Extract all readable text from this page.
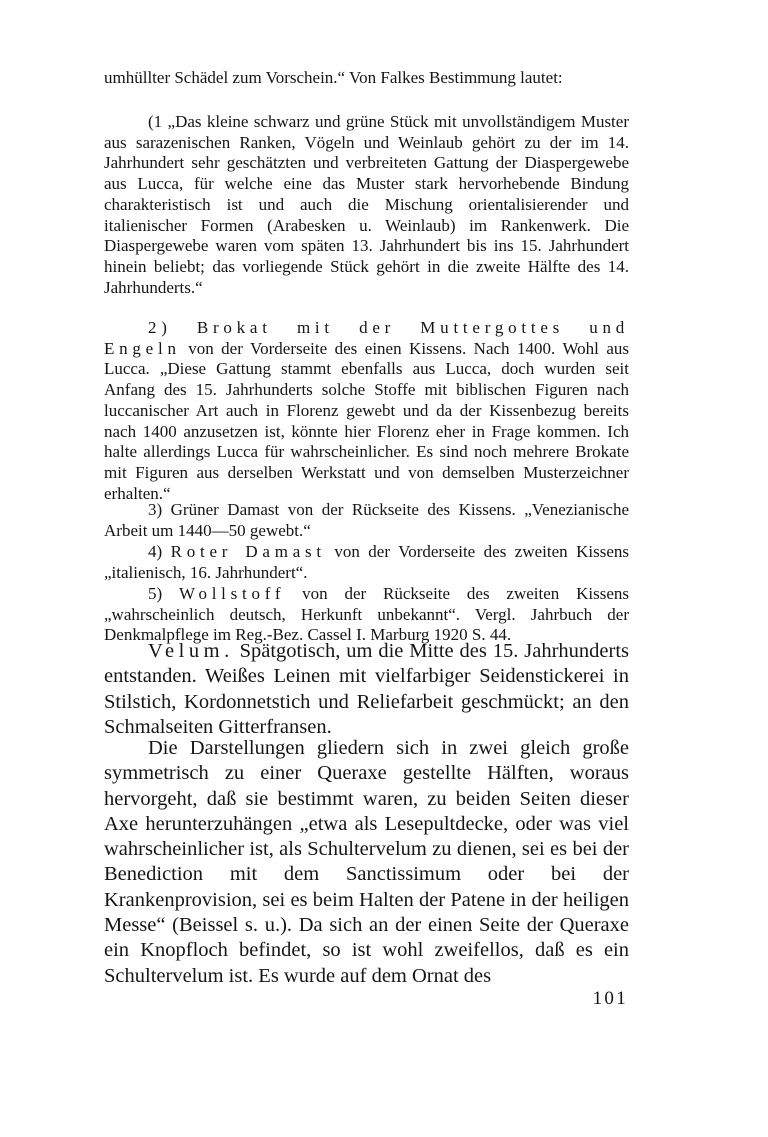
umhüllter Schädel zum Vorschein.“ Von Falkes Bestimmung lautet:

(1 „Das kleine schwarz und grüne Stück mit unvollständigem Muster aus sarazenischen Ranken, Vögeln und Weinlaub gehört zu der im 14. Jahrhundert sehr geschätzten und verbreiteten Gattung der Diaspergewebe aus Lucca, für welche eine das Muster stark hervorhebende Bindung charakteristisch ist und auch die Mischung orientalisierender und italienischer Formen (Arabesken u. Weinlaub) im Rankenwerk. Die Diaspergewebe waren vom späten 13. Jahrhundert bis ins 15. Jahrhundert hinein beliebt; das vorliegende Stück gehört in die zweite Hälfte des 14. Jahrhunderts.“

2) Brokat mit der Muttergottes und Engeln von der Vorderseite des einen Kissens. Nach 1400. Wohl aus Lucca. „Diese Gattung stammt ebenfalls aus Lucca, doch wurden seit Anfang des 15. Jahrhunderts solche Stoffe mit biblischen Figuren nach luccanischer Art auch in Florenz gewebt und da der Kissenbezug bereits nach 1400 anzusetzen ist, könnte hier Florenz eher in Frage kommen. Ich halte allerdings Lucca für wahrscheinlicher. Es sind noch mehrere Brokate mit Figuren aus derselben Werkstatt und von demselben Musterzeichner erhalten.“

3) Grüner Damast von der Rückseite des Kissens. „Venezianische Arbeit um 1440—50 gewebt.“

4) Roter Damast von der Vorderseite des zweiten Kissens „italienisch, 16. Jahrhundert“.

5) Wollstoff von der Rückseite des zweiten Kissens „wahrscheinlich deutsch, Herkunft unbekannt“. Vergl. Jahrbuch der Denkmalpflege im Reg.-Bez. Cassel I. Marburg 1920 S. 44.

Velum. Spätgotisch, um die Mitte des 15. Jahrhunderts entstanden. Weißes Leinen mit vielfarbiger Seidenstickerei in Stilstich, Kordonnetstich und Reliefarbeit geschmückt; an den Schmalseiten Gitterfransen.

Die Darstellungen gliedern sich in zwei gleich große symmetrisch zu einer Queraxe gestellte Hälften, woraus hervorgeht, daß sie bestimmt waren, zu beiden Seiten dieser Axe herunterzuhängen „etwa als Lesepultdecke, oder was viel wahrscheinlicher ist, als Schultervelum zu dienen, sei es bei der Benediction mit dem Sanctissimum oder bei der Krankenprovision, sei es beim Halten der Patene in der heiligen Messe“ (Beissel s. u.). Da sich an der einen Seite der Queraxe ein Knopfloch befindet, so ist wohl zweifellos, daß es ein Schultervelum ist. Es wurde auf dem Ornat des

101
